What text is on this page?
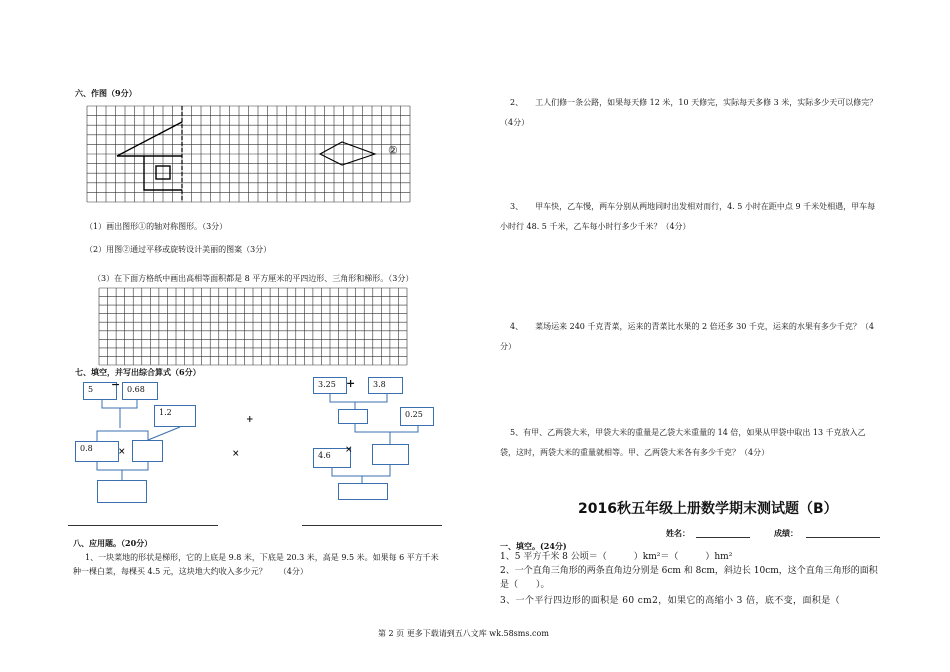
六、作图（9分）
②
（1）画出图形①的轴对称图形。（3分）
（2）用图②通过平移或旋转设计美丽的图案（3分）
（3）在下面方格纸中画出高相等面积都是 8 平方厘米的平四边形、三角形和梯形。（3分）
七、填空，并写出综合算式（6分）
5	− 0.68
1.2
0.8	×
+
×
3.25 +	3.8
0.25
4.6
×
八、应用题。（20分）
1、一块菜地的形状是梯形，它的上底是 9.8 米，下底是 20.3 米，高是 9.5 米。如果每 6 平方千米种一棵白菜，每棵买 4.5 元，这块地大约收入多少元？　　（4分）
2、　　工人们修一条公路，如果每天修 12 米，10 天修完，实际每天多修 3 米，实际多少天可以修完？（4分）
3、　　甲车快，乙车慢，两车分别从两地同时出发相对而行，4. 5 小时在距中点 9 千米处相遇，甲车每小时行 48. 5 千米，乙车每小时行多少千米？（4分）
4、　　菜场运来 240 千克青菜，运来的青菜比水果的 2 倍还多 30 千克，运来的水果有多少千克？（4分）
5、有甲、乙两袋大米，甲袋大米的重量是乙袋大米重量的 14 倍，如果从甲袋中取出 13 千克放入乙袋，这时，两袋大米的重量就相等。甲、乙两袋大米各有多少千克？（4分）
2016秋五年级上册数学期末测试题（B）
姓名：	成绩：
一、填空。(24分)
1、5 平方千米 8 公顷＝（　　　）km²＝（　　　）hm²
2、一个直角三角形的两条直角边分别是 6cm 和 8cm，斜边长 10cm，这个直角三角形的面积是（　　）。
3、一个平行四边形的面积是 60 cm2，如果它的高缩小 3 倍，底不变，面积是（
第 2 页 更多下载请到五八文库 wk.58sms.com
